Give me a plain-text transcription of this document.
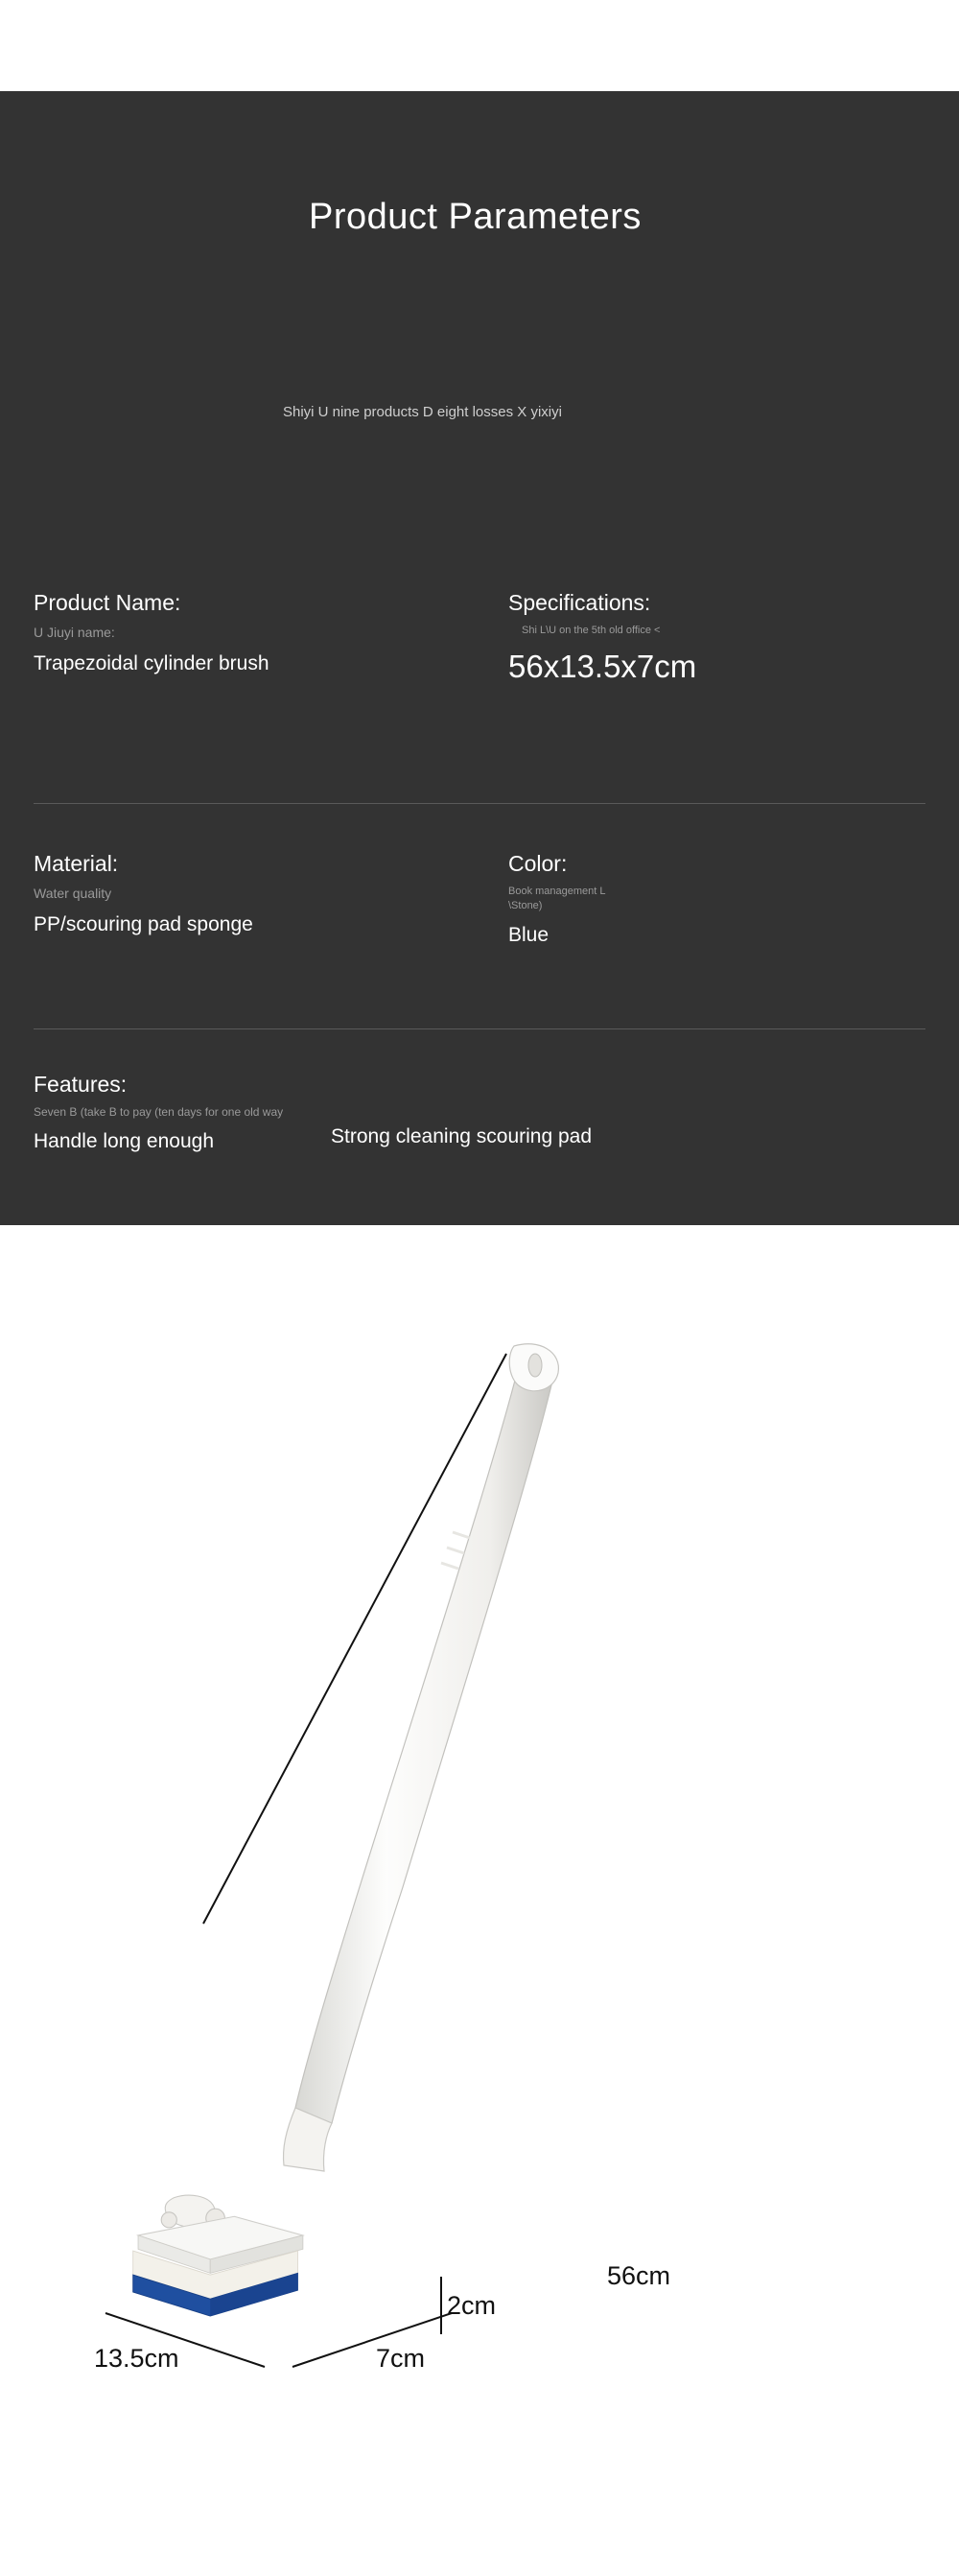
Product Parameters
Shiyi U nine products D eight losses X yixiyi
Product Name:
U Jiuyi name:
Trapezoidal cylinder brush
Specifications:
Shi L\U on the 5th old office <
56x13.5x7cm
Material:
Water quality
PP/scouring pad sponge
Color:
Book management L \Stone)
Blue
Features:
Seven B (take B to pay (ten days for one old way
Handle long enough	Strong cleaning scouring pad
56cm
2cm
13.5cm	7cm
